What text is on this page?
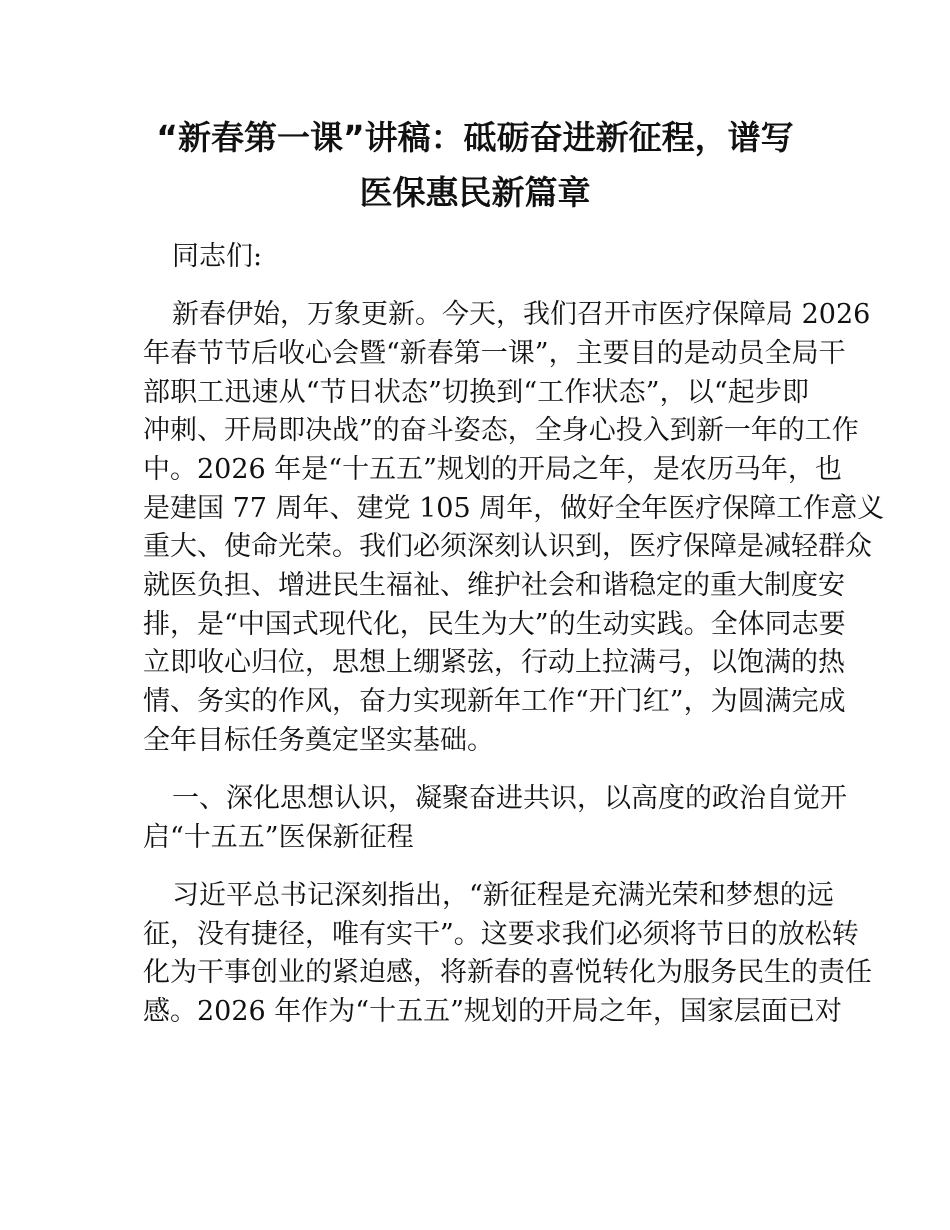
“新春第一课”讲稿：砥砺奋进新征程，谱写
医保惠民新篇章
同志们:
新春伊始，万象更新。今天，我们召开市医疗保障局 2026
年春节节后收心会暨“新春第一课”，主要目的是动员全局干
部职工迅速从“节日状态”切换到“工作状态”，以“起步即
冲刺、开局即决战”的奋斗姿态，全身心投入到新一年的工作
中。2026 年是“十五五”规划的开局之年，是农历马年，也
是建国 77 周年、建党 105 周年，做好全年医疗保障工作意义
重大、使命光荣。我们必须深刻认识到，医疗保障是减轻群众
就医负担、增进民生福祉、维护社会和谐稳定的重大制度安
排，是“中国式现代化，民生为大”的生动实践。全体同志要
立即收心归位，思想上绷紧弦，行动上拉满弓，以饱满的热
情、务实的作风，奋力实现新年工作“开门红”，为圆满完成
全年目标任务奠定坚实基础。
一、深化思想认识，凝聚奋进共识，以高度的政治自觉开
启“十五五”医保新征程
习近平总书记深刻指出，“新征程是充满光荣和梦想的远
征，没有捷径，唯有实干”。这要求我们必须将节日的放松转
化为干事创业的紧迫感，将新春的喜悦转化为服务民生的责任
感。2026 年作为“十五五”规划的开局之年，国家层面已对
